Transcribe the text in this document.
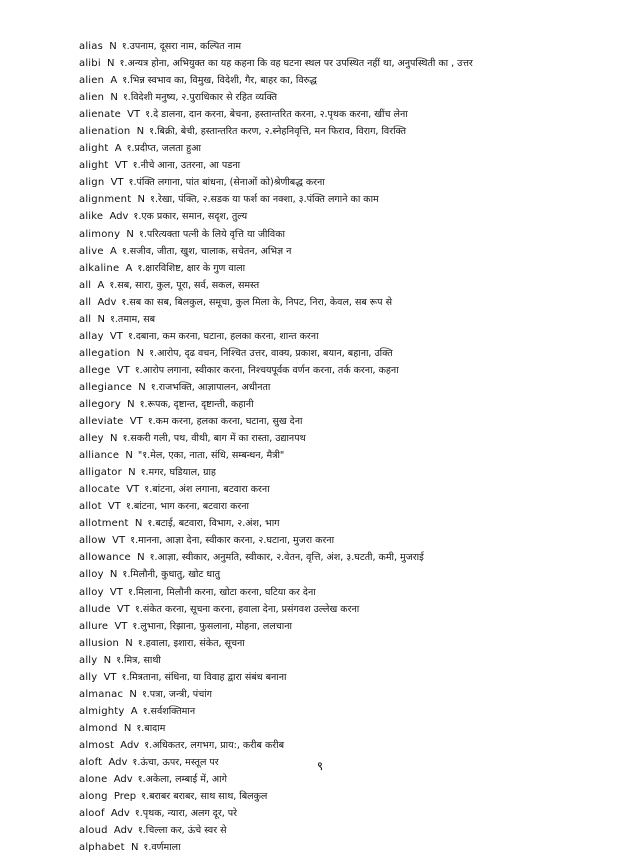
alias N १.उपनाम, दूसरा नाम, कल्पित नाम
alibi N १.अन्यत्र होना, अभियुक्त का यह कहना कि वह घटना स्थल पर उपस्थित नहीं था, अनुपस्थिती का , उत्तर
alien A १.भिन्न स्वभाव का, विमुख, विदेशी, गैर, बाहर का, विरुद्ध
alien N १.विदेशी मनुष्य, २.पुराधिकार से रहित व्यक्ति
alienate VT १.दे डालना, दान करना, बेचना, हस्तान्तरित करना, २.पृथक करना, खींच लेना
alienation N १.बिक्री, बेची, हस्तान्तरित करण, २.स्नेहनिवृत्ति, मन फिराव, विराग, विरक्ति
alight A १.प्रदीप्त, जलता हुआ
alight VT १.नीचे आना, उतरना, आ पडना
align VT १.पंक्ति लगाना, पांत बांधना, (सेनाओं को)श्रेणीबद्ध करना
alignment N १.रेखा, पंक्ति, २.सडक या फर्श का नक्शा, ३.पंक्ति लगाने का काम
alike Adv १.एक प्रकार, समान, सदृश, तुल्य
alimony N १.परित्यक्ता पत्नी के लिये वृत्ति या जीविका
alive A १.सजीव, जीता, खुश, चालाक, सचेतन, अभिज्ञ न
alkaline A १.क्षारविशिष्ट, क्षार के गुण वाला
all A १.सब, सारा, कुल, पूरा, सर्व, सकल, समस्त
all Adv १.सब का सब, बिलकुल, समूचा, कुल मिला के, निपट, निरा, केवल, सब रूप से
all N १.तमाम, सब
allay VT १.दबाना, कम करना, घटाना, हलका करना, शान्त करना
allegation N १.आरोप, दृढ वचन, निश्चित उत्तर, वाक्य, प्रकाश, बयान, बहाना, उक्ति
allege VT १.आरोप लगाना, स्वीकार करना, निश्चयपूर्वक वर्णन करना, तर्क करना, कहना
allegiance N १.राजभक्ति, आज्ञापालन, अधीनता
allegory N १.रूपक, दृष्टान्त, दृष्टान्ती, कहानी
alleviate VT १.कम करना, हलका करना, घटाना, सुख देना
alley N १.सकरी गली, पथ, वीथी, बाग में का रास्ता, उद्यानपथ
alliance N "१.मेल, एका, नाता, संधि, सम्बन्धन, मैत्री"
alligator N १.मगर, घडियाल, ग्राह
allocate VT १.बांटना, अंश लगाना, बटवारा करना
allot VT १.बांटना, भाग करना, बटवारा करना
allotment N १.बटाई, बटवारा, विभाग, २.अंश, भाग
allow VT १.मानना, आज्ञा देना, स्वीकार करना, २.घटाना, मुजरा करना
allowance N १.आज्ञा, स्वीकार, अनुमति, स्वीकार, २.वेतन, वृत्ति, अंश, ३.घटती, कमी, मुजराई
alloy N १.मिलौनी, कुधातु, खोट धातु
alloy VT १.मिलाना, मिलौनी करना, खोटा करना, घटिया कर देना
allude VT १.संकेत करना, सूचना करना, हवाला देना, प्रसंगवश उल्लेख करना
allure VT १.लुभाना, रिझाना, फुसलाना, मोहना, ललचाना
allusion N १.हवाला, इशारा, संकेत, सूचना
ally N १.मित्र, साथी
ally VT १.मित्रताना, संधिना, या विवाह द्वारा संबंध बनाना
almanac N १.पत्रा, जन्त्री, पंचांग
almighty A १.सर्वशक्तिमान
almond N १.बादाम
almost Adv १.अधिकतर, लगभग, प्राय:, करीब करीब
aloft Adv १.ऊंचा, ऊपर, मस्तूल पर
alone Adv १.अकेला, लम्बाई में, आगे
along Prep १.बराबर बराबर, साथ साथ, बिलकुल
aloof Adv १.पृथक, न्यारा, अलग दूर, परे
aloud Adv १.चिल्ला कर, ऊंचे स्वर से
alphabet N १.वर्णमाला
९
